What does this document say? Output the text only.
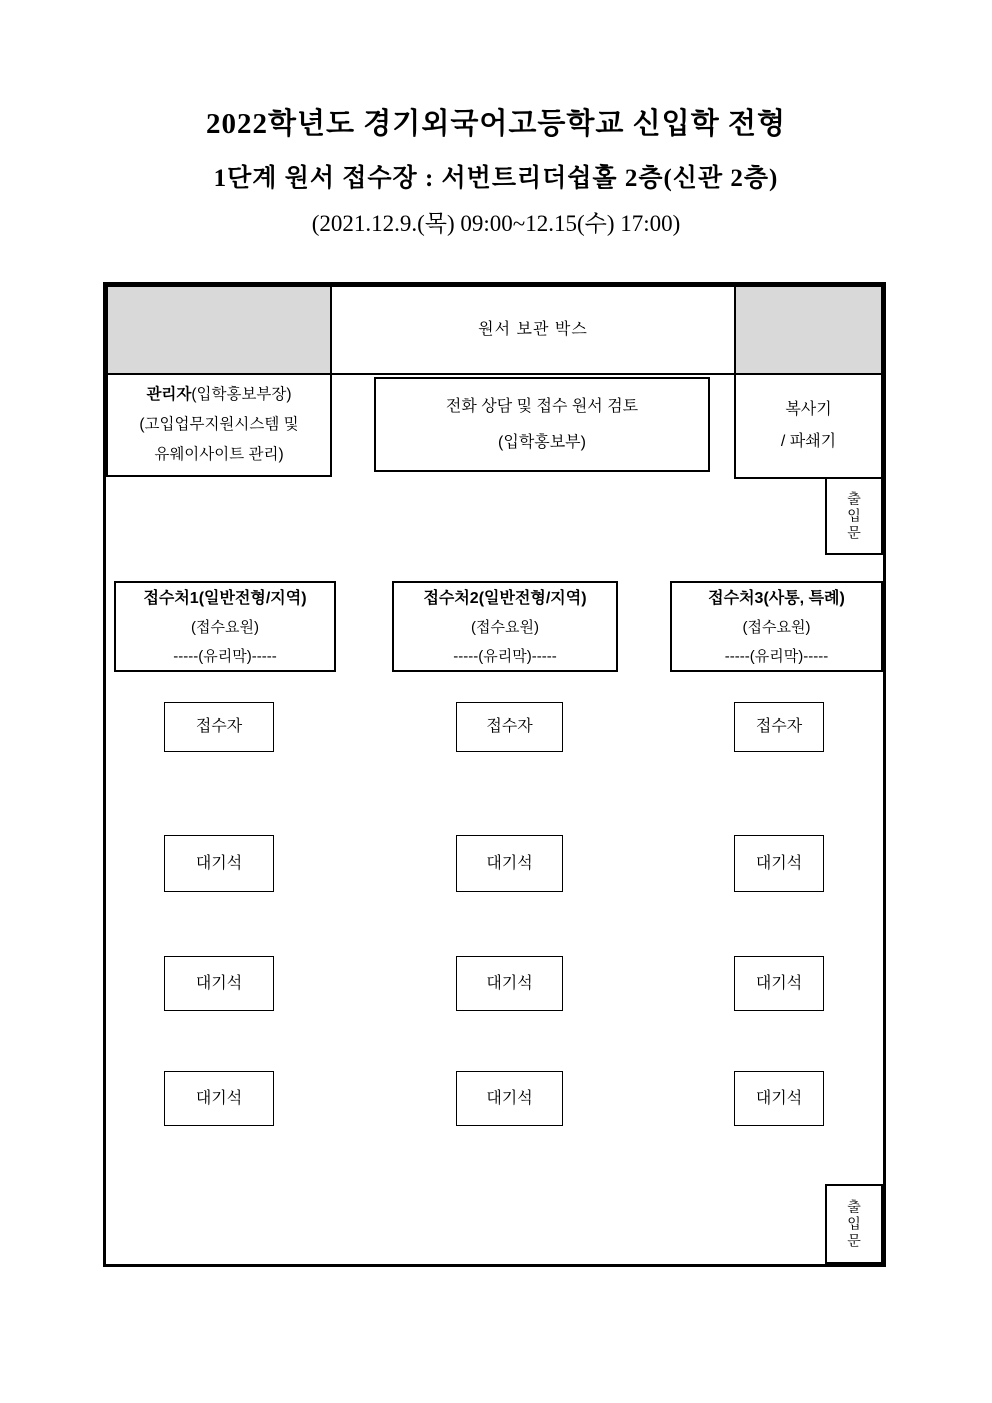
2022학년도 경기외국어고등학교 신입학 전형
1단계 원서 접수장 : 서번트리더쉽홀 2층(신관 2층)
(2021.12.9.(목) 09:00~12.15(수) 17:00)
원서 보관 박스
관리자(입학홍보부장)
(고입업무지원시스템 및
유웨이사이트 관리)
전화 상담 및 접수 원서 검토
(입학홍보부)
복사기
/ 파쇄기
출입문
접수처1(일반전형/지역)
(접수요원)
-----(유리막)-----
접수처2(일반전형/지역)
(접수요원)
-----(유리막)-----
접수처3(사통, 특례)
(접수요원)
-----(유리막)-----
접수자	접수자	접수자
대기석	대기석	대기석
대기석	대기석	대기석
대기석	대기석	대기석
출입문
